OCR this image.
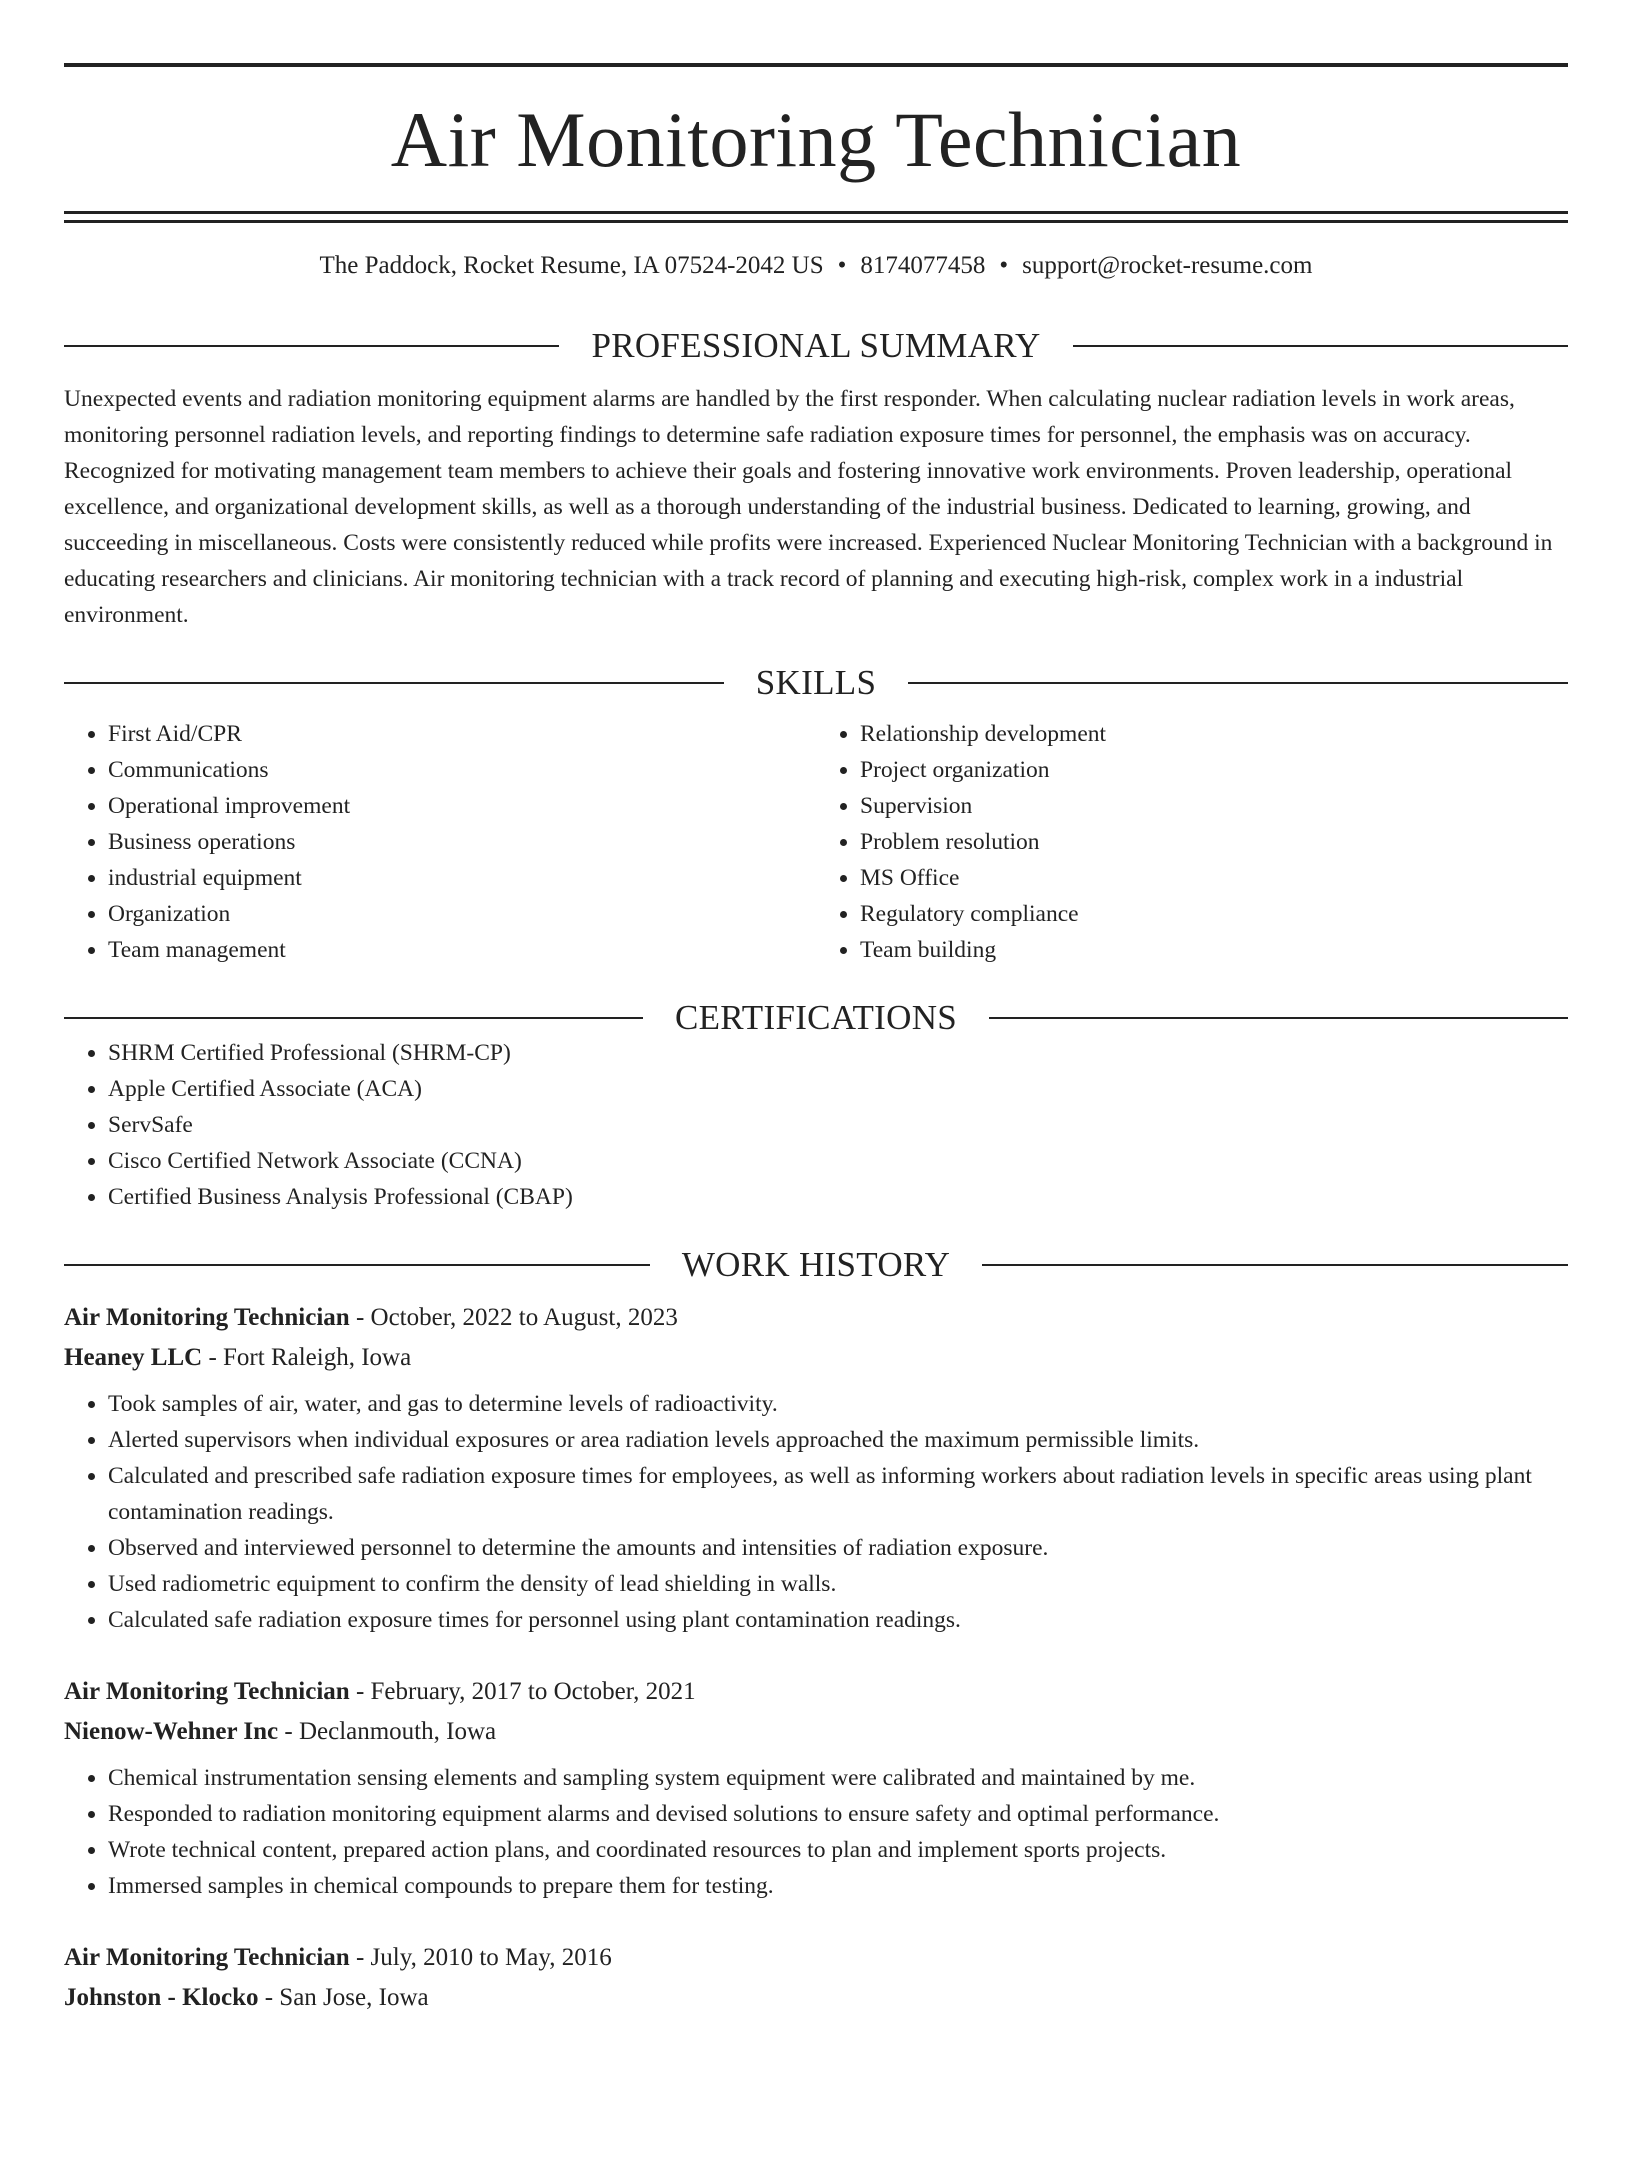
Air Monitoring Technician
The Paddock, Rocket Resume, IA 07524-2042 US • 8174077458 • support@rocket-resume.com
PROFESSIONAL SUMMARY
Unexpected events and radiation monitoring equipment alarms are handled by the first responder. When calculating nuclear radiation levels in work areas, monitoring personnel radiation levels, and reporting findings to determine safe radiation exposure times for personnel, the emphasis was on accuracy. Recognized for motivating management team members to achieve their goals and fostering innovative work environments. Proven leadership, operational excellence, and organizational development skills, as well as a thorough understanding of the industrial business. Dedicated to learning, growing, and succeeding in miscellaneous. Costs were consistently reduced while profits were increased. Experienced Nuclear Monitoring Technician with a background in educating researchers and clinicians. Air monitoring technician with a track record of planning and executing high-risk, complex work in a industrial environment.
SKILLS
• First Aid/CPR
• Communications
• Operational improvement
• Business operations
• industrial equipment
• Organization
• Team management
• Relationship development
• Project organization
• Supervision
• Problem resolution
• MS Office
• Regulatory compliance
• Team building
CERTIFICATIONS
• SHRM Certified Professional (SHRM-CP)
• Apple Certified Associate (ACA)
• ServSafe
• Cisco Certified Network Associate (CCNA)
• Certified Business Analysis Professional (CBAP)
WORK HISTORY
Air Monitoring Technician - October, 2022 to August, 2023
Heaney LLC - Fort Raleigh, Iowa
• Took samples of air, water, and gas to determine levels of radioactivity.
• Alerted supervisors when individual exposures or area radiation levels approached the maximum permissible limits.
• Calculated and prescribed safe radiation exposure times for employees, as well as informing workers about radiation levels in specific areas using plant contamination readings.
• Observed and interviewed personnel to determine the amounts and intensities of radiation exposure.
• Used radiometric equipment to confirm the density of lead shielding in walls.
• Calculated safe radiation exposure times for personnel using plant contamination readings.
Air Monitoring Technician - February, 2017 to October, 2021
Nienow-Wehner Inc - Declanmouth, Iowa
• Chemical instrumentation sensing elements and sampling system equipment were calibrated and maintained by me.
• Responded to radiation monitoring equipment alarms and devised solutions to ensure safety and optimal performance.
• Wrote technical content, prepared action plans, and coordinated resources to plan and implement sports projects.
• Immersed samples in chemical compounds to prepare them for testing.
Air Monitoring Technician - July, 2010 to May, 2016
Johnston - Klocko - San Jose, Iowa
